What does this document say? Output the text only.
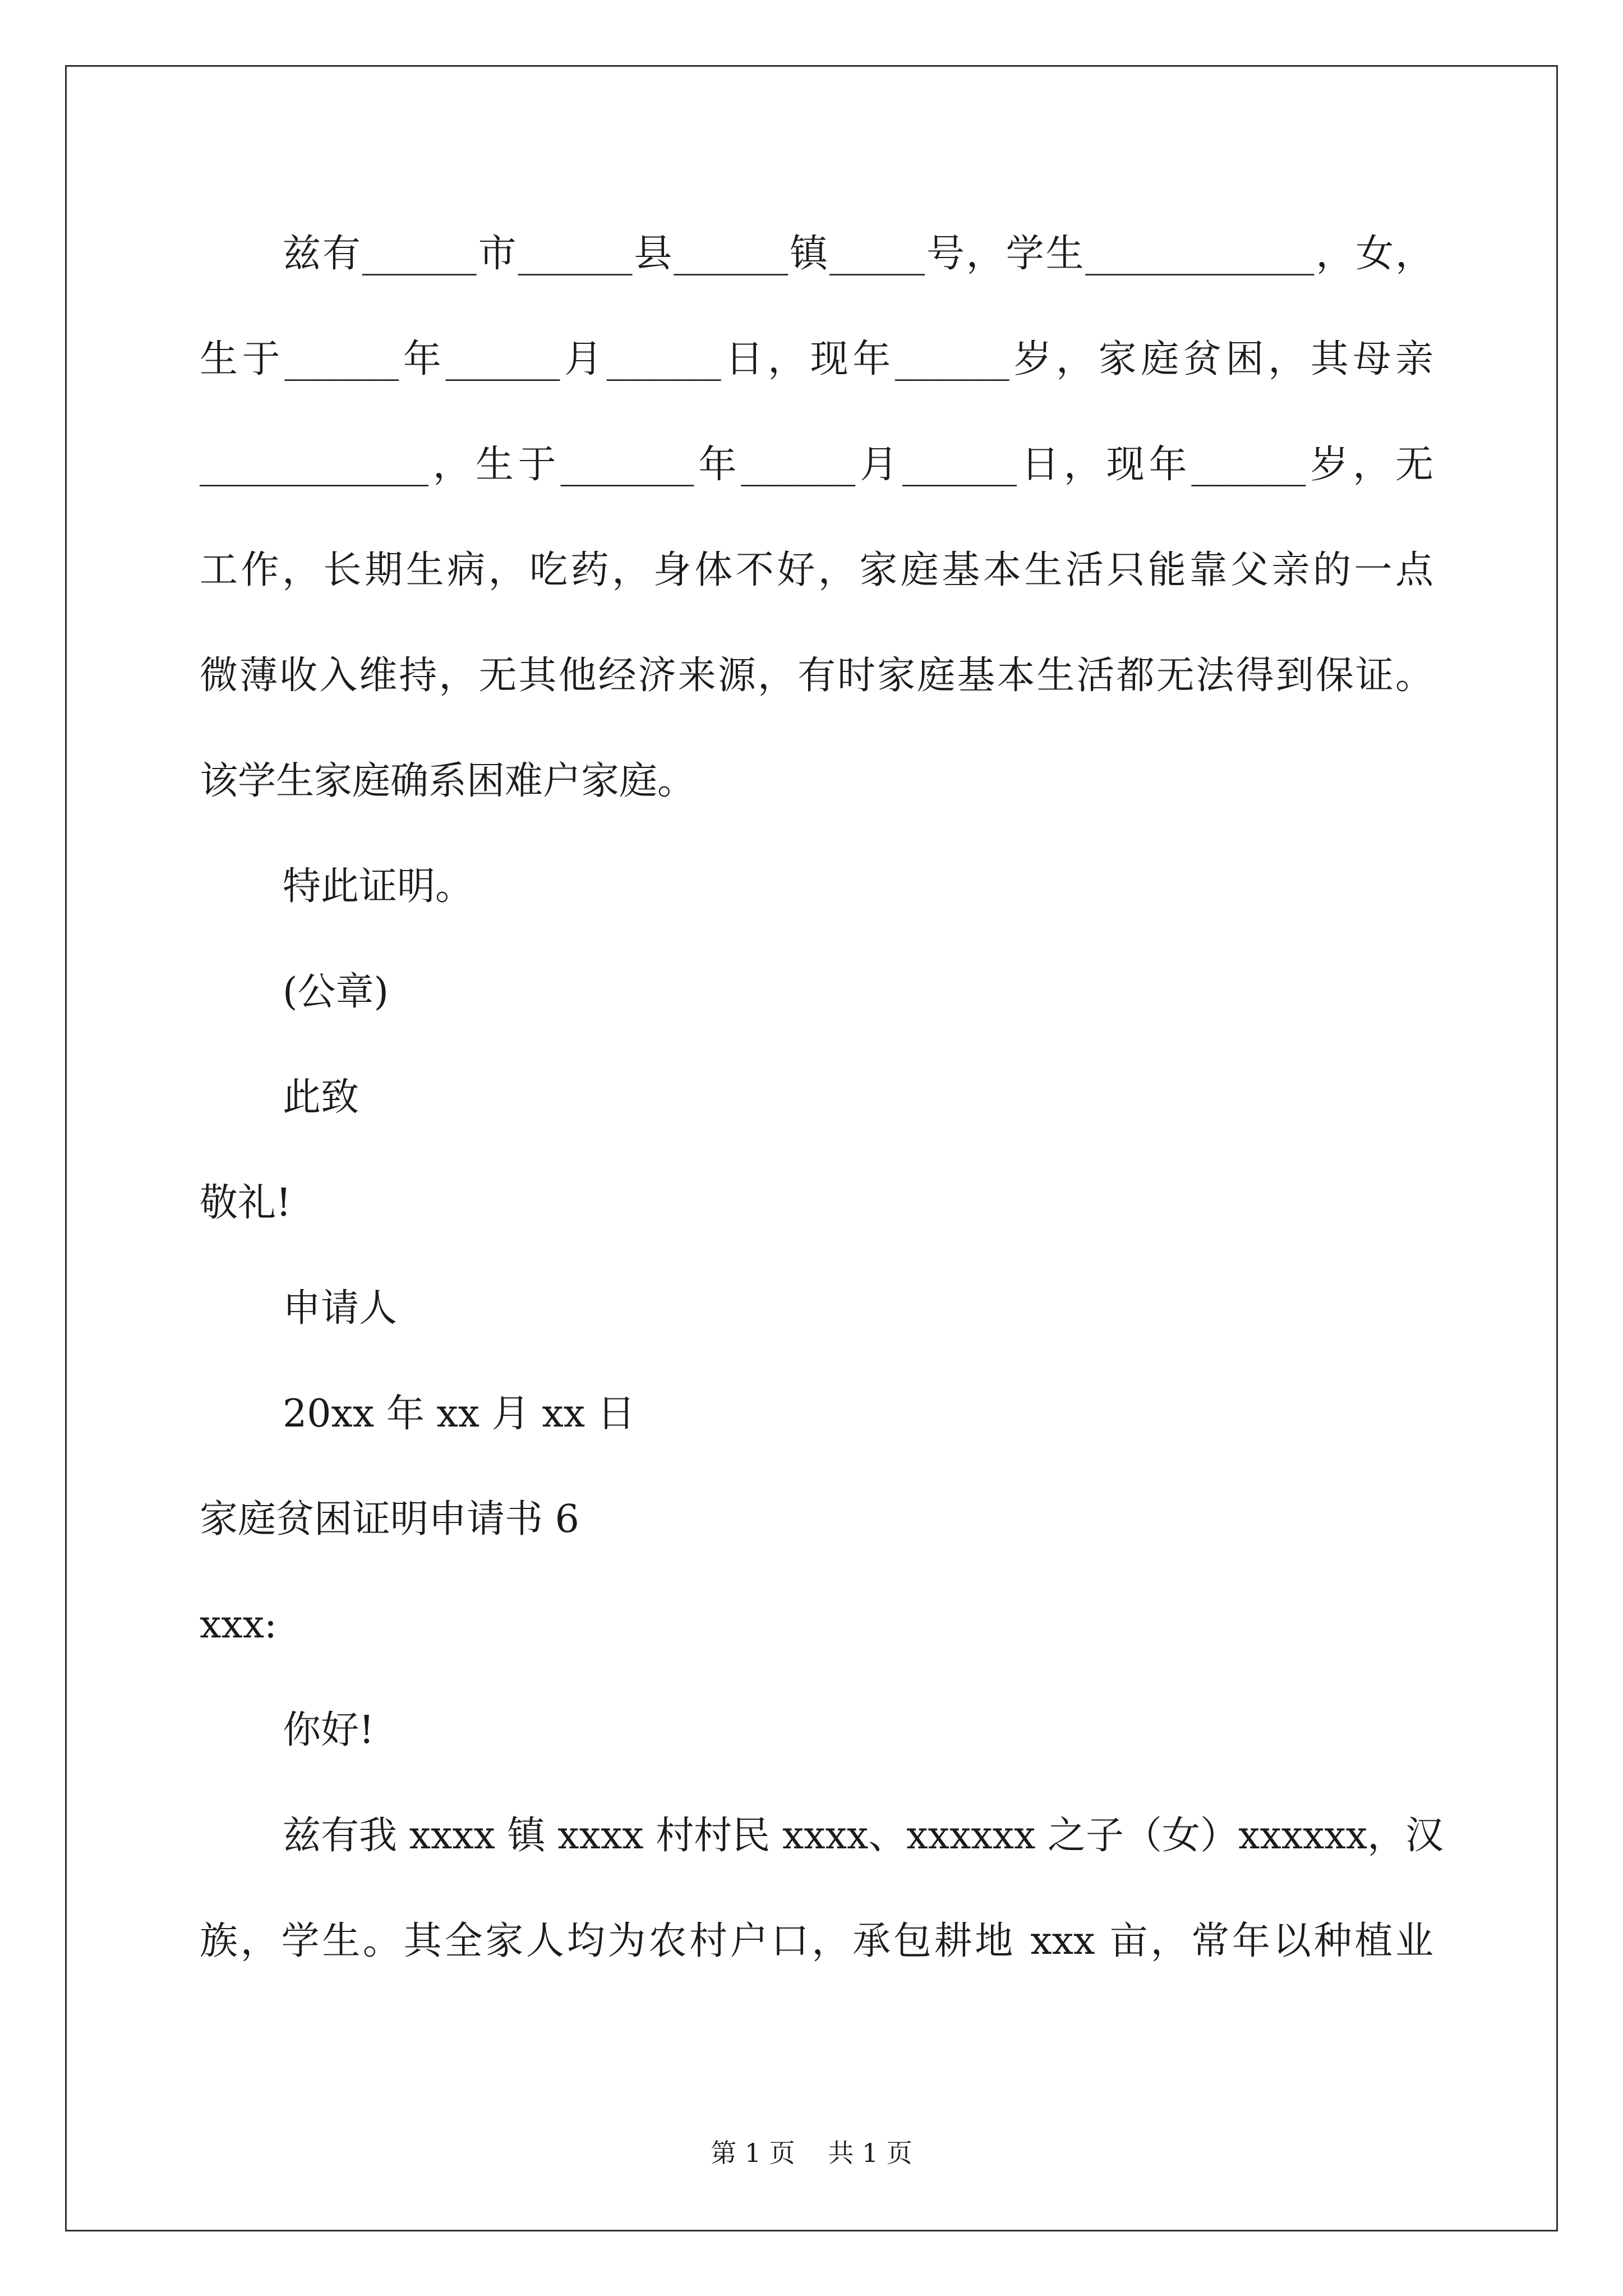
兹有______市______县______镇_____号，学生____________，女，
生于______年______月______日，现年______岁，家庭贫困，其母亲
____________，生于_______年______月______日，现年______岁，无
工作，长期生病，吃药，身体不好，家庭基本生活只能靠父亲的一点
微薄收入维持，无其他经济来源，有时家庭基本生活都无法得到保证。
该学生家庭确系困难户家庭。
特此证明。
(公章)
此致
敬礼!
申请人
20xx 年 xx 月 xx 日
家庭贫困证明申请书 6
xxx:
你好!
兹有我 xxxx 镇 xxxx 村村民 xxxx、xxxxxx 之子（女）xxxxxx，汉
族，学生。其全家人均为农村户口，承包耕地 xxx 亩，常年以种植业
第 1 页    共 1 页
